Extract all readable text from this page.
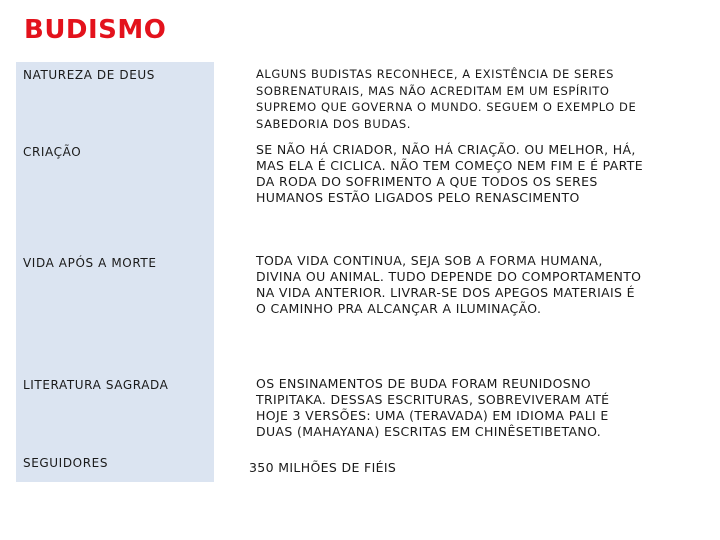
BUDISMO
NATUREZA DE DEUS	ALGUNS BUDISTAS RECONHECE, A EXISTÊNCIA DE SERES
SOBRENATURAIS, MAS NÃO ACREDITAM EM UM ESPÍRITO
SUPREMO QUE GOVERNA O MUNDO. SEGUEM O EXEMPLO DE
SABEDORIA DOS BUDAS.
CRIAÇÃO	SE NÃO HÁ CRIADOR, NÃO HÁ CRIAÇÃO. OU MELHOR, HÁ,
MAS ELA É CICLICA. NÃO TEM COMEÇO NEM FIM E É PARTE
DA RODA DO SOFRIMENTO A QUE TODOS OS SERES
HUMANOS ESTÃO LIGADOS PELO RENASCIMENTO
VIDA APÓS A MORTE	TODA VIDA CONTINUA, SEJA SOB A FORMA HUMANA,
DIVINA OU ANIMAL. TUDO DEPENDE DO COMPORTAMENTO
NA VIDA ANTERIOR. LIVRAR-SE DOS APEGOS MATERIAIS É
O CAMINHO PRA ALCANÇAR A ILUMINAÇÃO.
LITERATURA SAGRADA	OS ENSINAMENTOS DE BUDA FORAM REUNIDOSNO
TRIPITAKA. DESSAS ESCRITURAS, SOBREVIVERAM ATÉ
HOJE 3 VERSÕES: UMA (TERAVADA) EM IDIOMA PALI E
DUAS (MAHAYANA) ESCRITAS EM CHINÊSETIBETANO.
SEGUIDORES	350 MILHÕES DE FIÉIS
